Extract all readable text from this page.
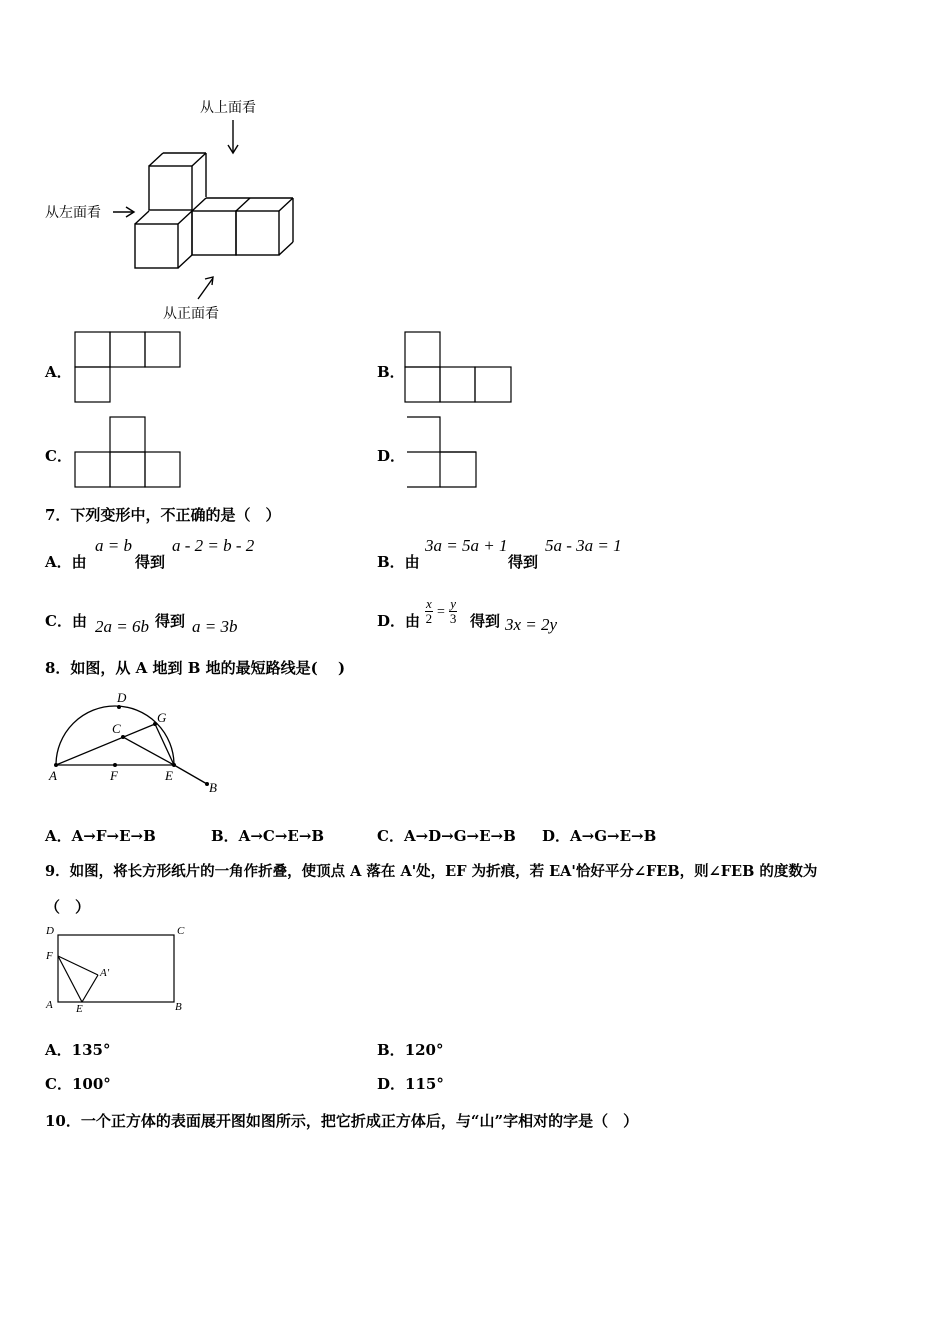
从上面看
从左面看
从正面看
A．	B．
C．	D．
7．下列变形中，不正确的是（　）
A．由
a = b
得到
a - 2 = b - 2
B．由
3a = 5a + 1
得到
5a - 3a = 1
C．由 2a = 6b 得到 a = 3b	D．由 $\frac{x}{2} = \frac{y}{3}$ 得到 3x = 2y
8．如图，从 A 地到 B 地的最短路线是(　 )
A	F	E
D
C
G
B
A．A→F→E→B	B．A→C→E→B	C．A→D→G→E→B D．A→G→E→B
9．如图，将长方形纸片的一角作折叠，使顶点 A 落在 A'处，EF 为折痕，若 EA'恰好平分∠FEB，则∠FEB 的度数为
（　）
D	C
F
A'
A E	B
A．135°	B．120°
C．100°	D．115°
10．一个正方体的表面展开图如图所示，把它折成正方体后，与“山”字相对的字是（　）
